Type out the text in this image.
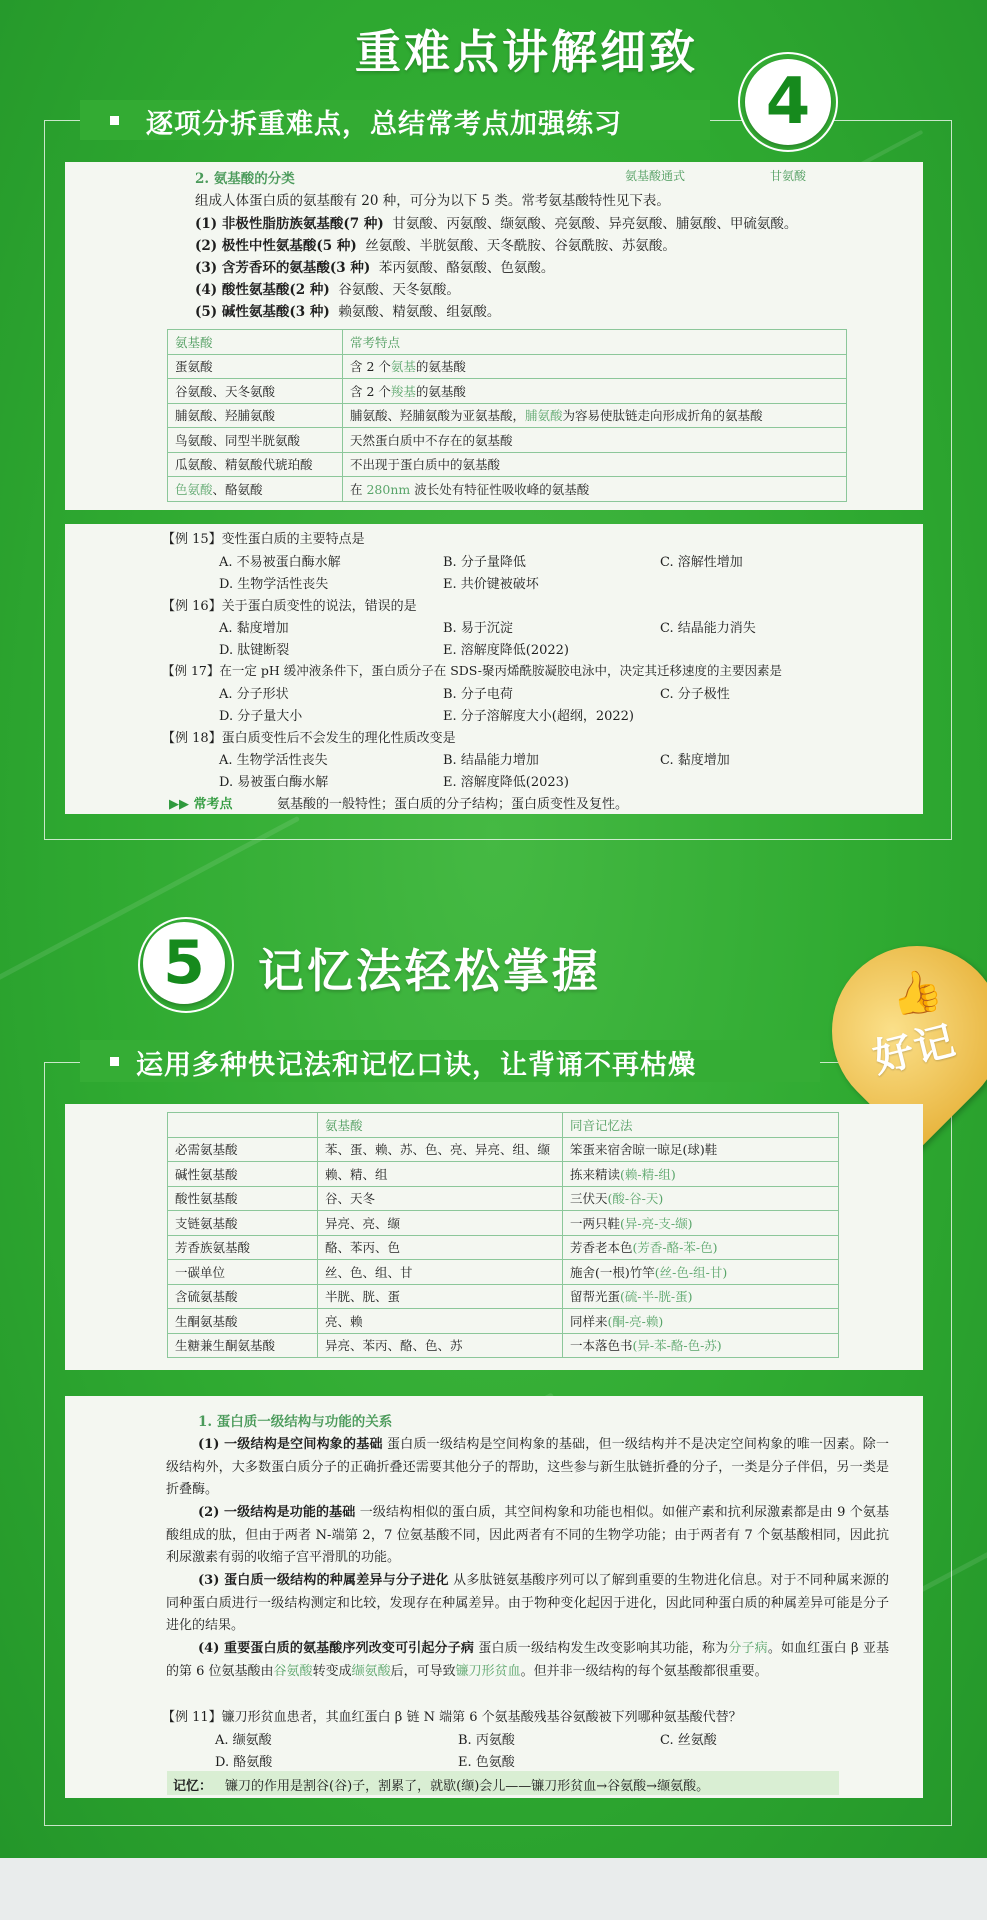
重难点讲解细致
逐项分拆重难点，总结常考点加强练习	4
2. 氨基酸的分类	氨基酸通式	甘氨酸
组成人体蛋白质的氨基酸有 20 种，可分为以下 5 类。常考氨基酸特性见下表。
(1) 非极性脂肪族氨基酸(7 种) 甘氨酸、丙氨酸、缬氨酸、亮氨酸、异亮氨酸、脯氨酸、甲硫氨酸。
(2) 极性中性氨基酸(5 种) 丝氨酸、半胱氨酸、天冬酰胺、谷氨酰胺、苏氨酸。
(3) 含芳香环的氨基酸(3 种) 苯丙氨酸、酪氨酸、色氨酸。
(4) 酸性氨基酸(2 种) 谷氨酸、天冬氨酸。
(5) 碱性氨基酸(3 种) 赖氨酸、精氨酸、组氨酸。
氨基酸	常考特点
蛋氨酸	含 2 个氨基的氨基酸
谷氨酸、天冬氨酸	含 2 个羧基的氨基酸
脯氨酸、羟脯氨酸	脯氨酸、羟脯氨酸为亚氨基酸，脯氨酸为容易使肽链走向形成折角的氨基酸
鸟氨酸、同型半胱氨酸	天然蛋白质中不存在的氨基酸
瓜氨酸、精氨酸代琥珀酸	不出现于蛋白质中的氨基酸
色氨酸、酪氨酸	在 280nm 波长处有特征性吸收峰的氨基酸
【例 15】变性蛋白质的主要特点是
A. 不易被蛋白酶水解	B. 分子量降低	C. 溶解性增加
D. 生物学活性丧失	E. 共价键被破坏
【例 16】关于蛋白质变性的说法，错误的是
A. 黏度增加	B. 易于沉淀	C. 结晶能力消失
D. 肽键断裂	E. 溶解度降低(2022)
【例 17】在一定 pH 缓冲液条件下，蛋白质分子在 SDS-聚丙烯酰胺凝胶电泳中，决定其迁移速度的主要因素是
A. 分子形状	B. 分子电荷	C. 分子极性
D. 分子量大小	E. 分子溶解度大小(超纲，2022)
【例 18】蛋白质变性后不会发生的理化性质改变是
A. 生物学活性丧失	B. 结晶能力增加	C. 黏度增加
D. 易被蛋白酶水解	E. 溶解度降低(2023)
▶▶ 常考点	氨基酸的一般特性；蛋白质的分子结构；蛋白质变性及复性。
5	记忆法轻松掌握
运用多种快记法和记忆口诀，让背诵不再枯燥
👍
好记
	氨基酸	同音记忆法
必需氨基酸	苯、蛋、赖、苏、色、亮、异亮、组、缬	笨蛋来宿舍晾一晾足(球)鞋
碱性氨基酸	赖、精、组	拣来精读(赖-精-组)
酸性氨基酸	谷、天冬	三伏天(酸-谷-天)
支链氨基酸	异亮、亮、缬	一两只鞋(异-亮-支-缬)
芳香族氨基酸	酪、苯丙、色	芳香老本色(芳香-酪-苯-色)
一碳单位	丝、色、组、甘	施舍(一根)竹竿(丝-色-组-甘)
含硫氨基酸	半胱、胱、蛋	留帮光蛋(硫-半-胱-蛋)
生酮氨基酸	亮、赖	同样来(酮-亮-赖)
生糖兼生酮氨基酸	异亮、苯丙、酪、色、苏	一本落色书(异-苯-酪-色-苏)
1. 蛋白质一级结构与功能的关系
(1) 一级结构是空间构象的基础 蛋白质一级结构是空间构象的基础，但一级结构并不是决定空间构象的唯一因素。除一级结构外，大多数蛋白质分子的正确折叠还需要其他分子的帮助，这些参与新生肽链折叠的分子，一类是分子伴侣，另一类是折叠酶。
(2) 一级结构是功能的基础 一级结构相似的蛋白质，其空间构象和功能也相似。如催产素和抗利尿激素都是由 9 个氨基酸组成的肽，但由于两者 N-端第 2，7 位氨基酸不同，因此两者有不同的生物学功能；由于两者有 7 个氨基酸相同，因此抗利尿激素有弱的收缩子宫平滑肌的功能。
(3) 蛋白质一级结构的种属差异与分子进化 从多肽链氨基酸序列可以了解到重要的生物进化信息。对于不同种属来源的同种蛋白质进行一级结构测定和比较，发现存在种属差异。由于物种变化起因于进化，因此同种蛋白质的种属差异可能是分子进化的结果。
(4) 重要蛋白质的氨基酸序列改变可引起分子病 蛋白质一级结构发生改变影响其功能，称为分子病。如血红蛋白 β 亚基的第 6 位氨基酸由谷氨酸转变成缬氨酸后，可导致镰刀形贫血。但并非一级结构的每个氨基酸都很重要。
【例 11】镰刀形贫血患者，其血红蛋白 β 链 N 端第 6 个氨基酸残基谷氨酸被下列哪种氨基酸代替？
A. 缬氨酸	B. 丙氨酸	C. 丝氨酸
D. 酪氨酸	E. 色氨酸
记忆： 镰刀的作用是割谷(谷)子，割累了，就歇(缬)会儿——镰刀形贫血→谷氨酸→缬氨酸。
